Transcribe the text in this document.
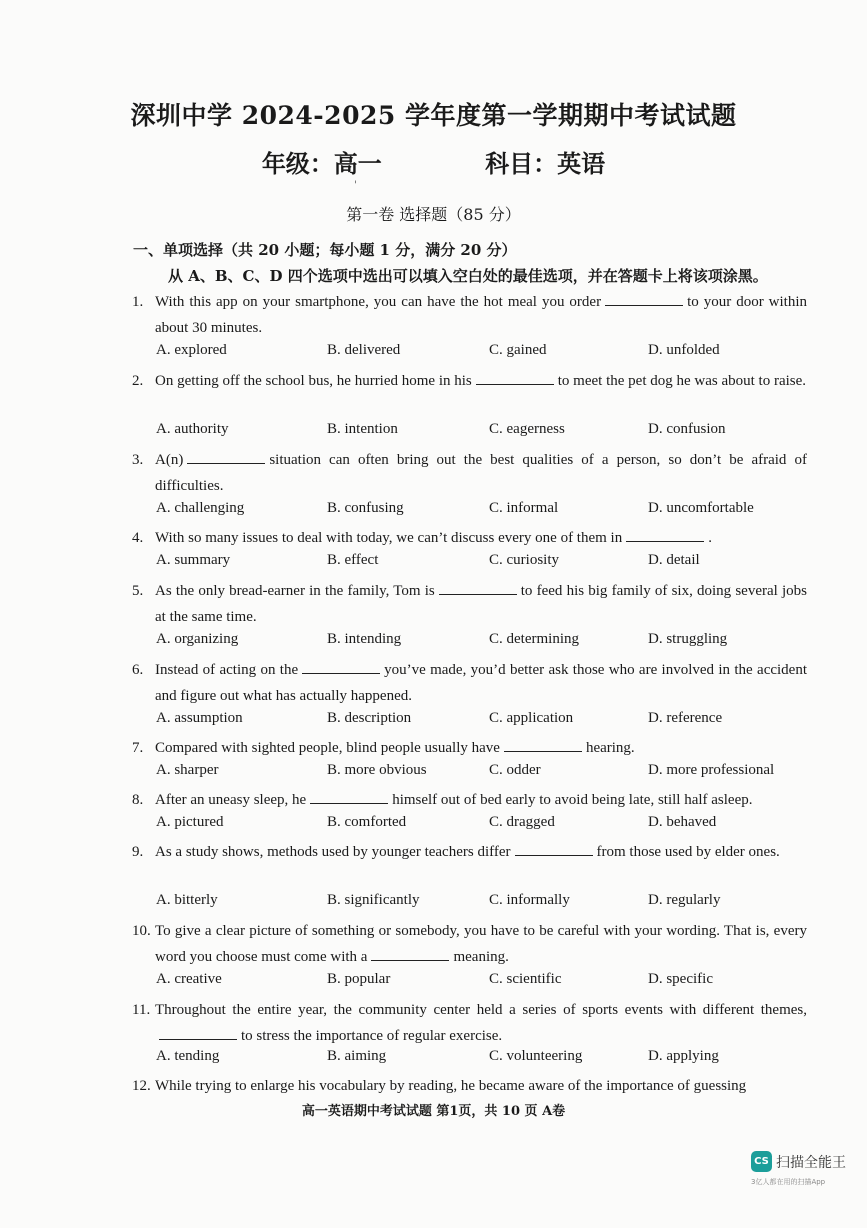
深圳中学 2024-2025 学年度第一学期期中考试试题
年级：高一	科目：英语
'
第一卷 选择题（85 分）
一、单项选择（共 20 小题；每小题 1 分，满分 20 分）
从 A、B、C、D 四个选项中选出可以填入空白处的最佳选项，并在答题卡上将该项涂黑。
1. With this app on your smartphone, you can have the hot meal you order	to your door within about 30 minutes.
A. explored	B. delivered	C. gained	D. unfolded
2. On getting off the school bus, he hurried home in his	to meet the pet dog he was about to raise.
A. authority	B. intention	C. eagerness	D. confusion
3. A(n)	situation can often bring out the best qualities of a person, so don’t be afraid of difficulties.
A. challenging	B. confusing	C. informal	D. uncomfortable
4. With so many issues to deal with today, we can’t discuss every one of them in	.
A. summary	B. effect	C. curiosity	D. detail
5. As the only bread-earner in the family, Tom is	to feed his big family of six, doing several jobs at the same time.
A. organizing	B. intending	C. determining	D. struggling
6. Instead of acting on the	you’ve made, you’d better ask those who are involved in the accident and figure out what has actually happened.
A. assumption	B. description	C. application	D. reference
7. Compared with sighted people, blind people usually have	hearing.
A. sharper	B. more obvious	C. odder	D. more professional
8. After an uneasy sleep, he	himself out of bed early to avoid being late, still half asleep.
A. pictured	B. comforted	C. dragged	D. behaved
9. As a study shows, methods used by younger teachers differ	from those used by elder ones.
A. bitterly	B. significantly	C. informally	D. regularly
10. To give a clear picture of something or somebody, you have to be careful with your wording. That is, every word you choose must come with a	meaning.
A. creative	B. popular	C. scientific	D. specific
11. Throughout the entire year, the community center held a series of sports events with different themes,to stress the importance of regular exercise.
A. tending	B. aiming	C. volunteering	D. applying
12. While trying to enlarge his vocabulary by reading, he became aware of the importance of guessing
高一英语期中考试试题 第1页，共 10 页 A卷
CS 扫描全能王
3亿人都在用的扫描App
